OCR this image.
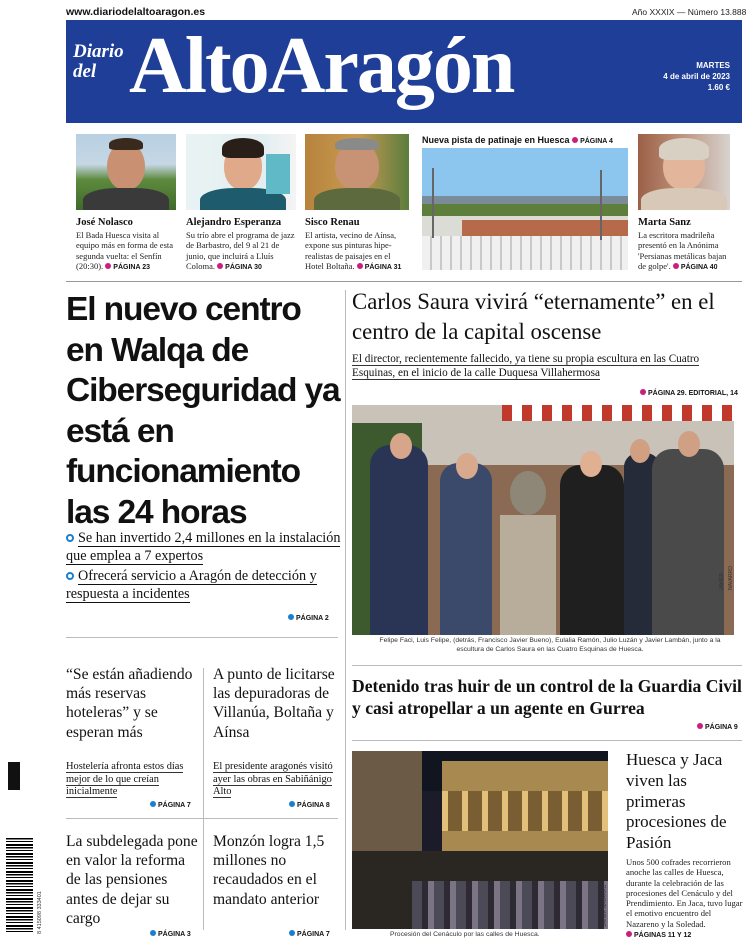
www.diariodelaltoaragon.es	Año XXXIX — Número 13.888
Diario
del AltoAragón	MARTES
4 de abril de 2023
1.60 €
José Nolasco
El Bada Huesca visita al equipo más en forma de esta segunda vuelta: el Senfín (20:30). PÁGINA 23
Alejandro Esperanza
Su trío abre el programa de jazz de Barbastro, del 9 al 21 de junio, que incluirá a Lluís Coloma. PÁGINA 30
Sisco Renau
El artista, vecino de Aínsa, expone sus pinturas hipe-realistas de paisajes en el Hotel Boltaña. PÁGINA 31
Marta Sanz
La escritora madrileña presentó en la Anónima 'Persianas metálicas bajan de golpe'. PÁGINA 40
Nueva pista de patinaje en Huesca PÁGINA 4
El nuevo centro en Walqa de Ciberseguridad ya está en funcionamiento las 24 horas
Se han invertido 2,4 millones en la instalación que emplea a 7 expertos
Ofrecerá servicio a Aragón de detección y respuesta a incidentes
PÁGINA 2
Carlos Saura vivirá “eternamente” en el centro de la capital oscense
El director, recientemente fallecido, ya tiene su propia escultura en las Cuatro Esquinas, en el inicio de la calle Duquesa Villahermosa
PÁGINA 29. EDITORIAL, 14
Felipe Faci, Luis Felipe, (detrás, Francisco Javier Bueno), Eulalia Ramón, Julio Luzán y Javier Lambán, junto a la escultura de Carlos Saura en las Cuatro Esquinas de Huesca.
JAVIER NAVARRO
Detenido tras huir de un control de la Guardia Civil y casi atropellar a un agente en Gurrea
PÁGINA 9
Procesión del Cenáculo por las calles de Huesca.
JAVIER NAVARRO
Huesca y Jaca viven las primeras procesiones de Pasión
Unos 500 cofrades recorrieron anoche las calles de Huesca, durante la celebración de las procesiones del Cenáculo y del Prendimiento. En Jaca, tuvo lugar el emotivo encuentro del Nazareno y la Soledad. PÁGINAS 11 Y 12
“Se están añadiendo más reservas hoteleras” y se esperan más
Hostelería afronta estos días mejor de lo que creían inicialmente
PÁGINA 7
A punto de licitarse las depuradoras de Villanúa, Boltaña y Aínsa
El presidente aragonés visitó ayer las obras en Sabiñánigo Alto
PÁGINA 8
La subdelegada pone en valor la reforma de las pensiones antes de dejar su cargo
PÁGINA 3
Monzón logra 1,5 millones no recaudados en el mandato anterior
PÁGINA 7
8 415098 333401
